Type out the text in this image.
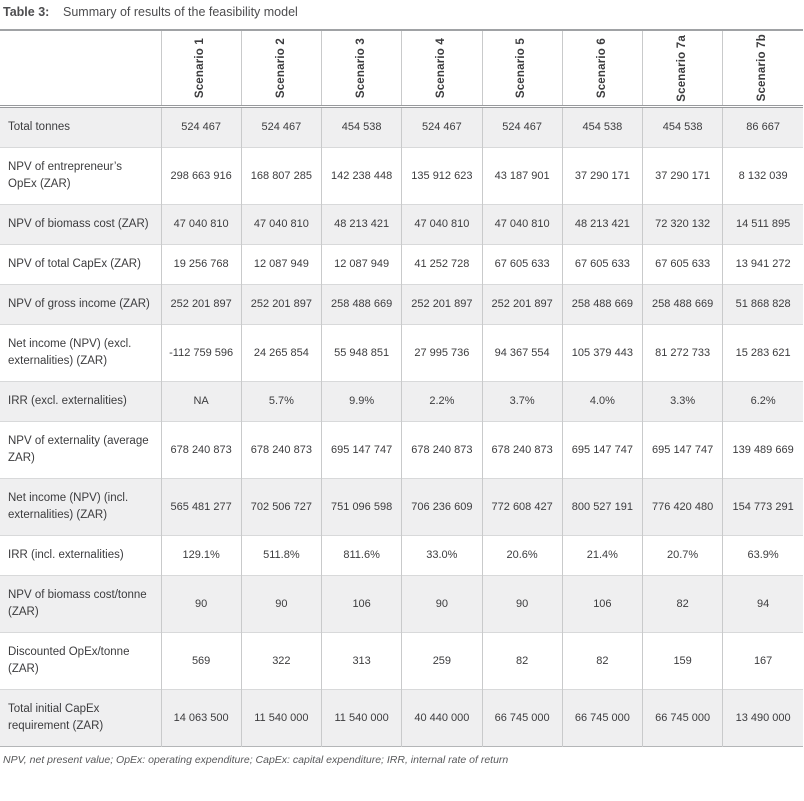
Table 3: Summary of results of the feasibility model

	Scenario 1	Scenario 2	Scenario 3	Scenario 4	Scenario 5	Scenario 6	Scenario 7a	Scenario 7b

Total tonnes	524 467	524 467	454 538	524 467	524 467	454 538	454 538	86 667
NPV of entrepreneur’s OpEx (ZAR)	298 663 916	168 807 285	142 238 448	135 912 623	43 187 901	37 290 171	37 290 171	8 132 039
NPV of biomass cost (ZAR)	47 040 810	47 040 810	48 213 421	47 040 810	47 040 810	48 213 421	72 320 132	14 511 895
NPV of total CapEx (ZAR)	19 256 768	12 087 949	12 087 949	41 252 728	67 605 633	67 605 633	67 605 633	13 941 272
NPV of gross income (ZAR)	252 201 897	252 201 897	258 488 669	252 201 897	252 201 897	258 488 669	258 488 669	51 868 828
Net income (NPV) (excl. externalities) (ZAR)	-112 759 596	24 265 854	55 948 851	27 995 736	94 367 554	105 379 443	81 272 733	15 283 621
IRR (excl. externalities)	NA	5.7%	9.9%	2.2%	3.7%	4.0%	3.3%	6.2%
NPV of externality (average ZAR)	678 240 873	678 240 873	695 147 747	678 240 873	678 240 873	695 147 747	695 147 747	139 489 669
Net income (NPV) (incl. externalities) (ZAR)	565 481 277	702 506 727	751 096 598	706 236 609	772 608 427	800 527 191	776 420 480	154 773 291
IRR (incl. externalities)	129.1%	511.8%	811.6%	33.0%	20.6%	21.4%	20.7%	63.9%
NPV of biomass cost/tonne (ZAR)	90	90	106	90	90	106	82	94
Discounted OpEx/tonne (ZAR)	569	322	313	259	82	82	159	167
Total initial CapEx requirement (ZAR)	14 063 500	11 540 000	11 540 000	40 440 000	66 745 000	66 745 000	66 745 000	13 490 000
NPV, net present value; OpEx: operating expenditure; CapEx: capital expenditure; IRR, internal rate of return
